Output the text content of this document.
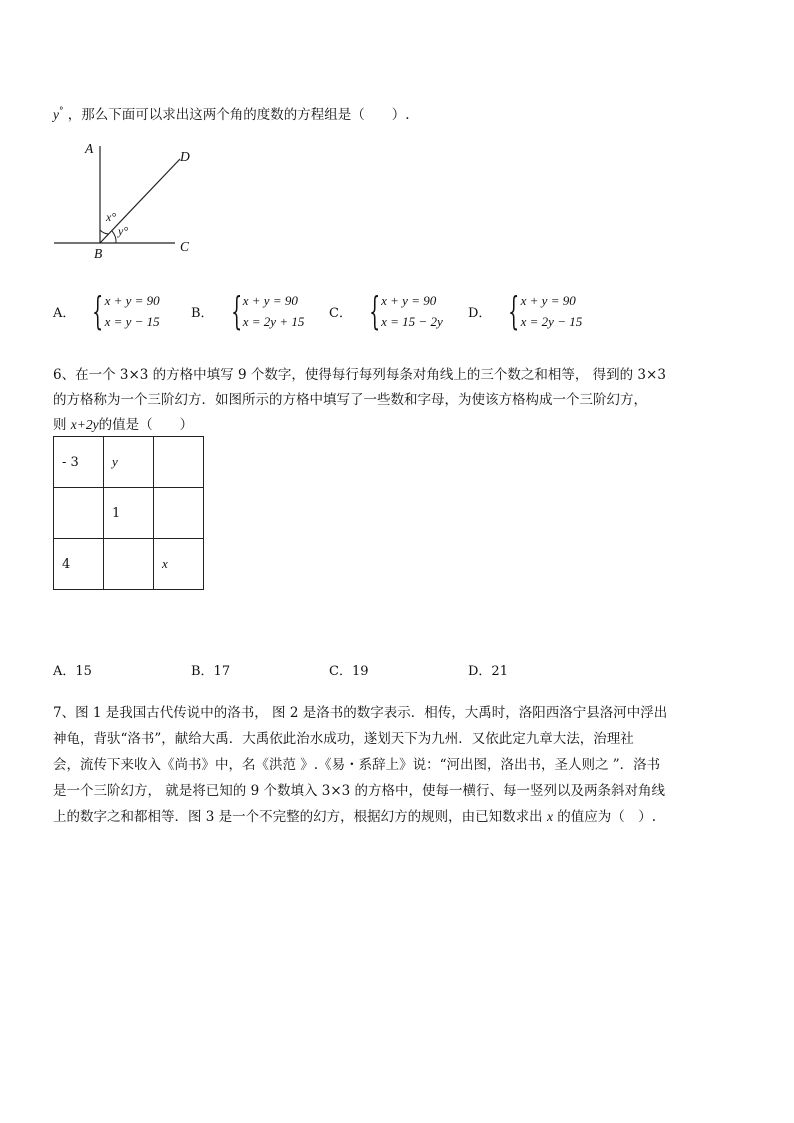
y° ，那么下面可以求出这两个角的度数的方程组是（　　）.
A
D
x°
y°
B	C
A． { x + y = 90
x = y − 15
B． { x + y = 90
x = 2y + 15
C． { x + y = 90
x = 15 − 2y
D． { x + y = 90
x = 2y − 15
6、在一个 3×3 的方格中填写 9 个数字，使得每行每列每条对角线上的三个数之和相等， 得到的 3×3
的方格称为一个三阶幻方．如图所示的方格中填写了一些数和字母，为使该方格构成一个三阶幻方，
则 x+2y的值是（　　）
- 3	y	
	1	
4		x
A．15	B．17	C．19	D．21
7、图 1 是我国古代传说中的洛书， 图 2 是洛书的数字表示．相传，大禹时，洛阳西洛宁县洛河中浮出
神龟，背驮“洛书”，献给大禹．大禹依此治水成功，遂划天下为九州．又依此定九章大法，治理社
会，流传下来收入《尚书》中，名《洪范 》.《易・系辞上》说：“河出图，洛出书，圣人则之 ”．洛书
是一个三阶幻方， 就是将已知的 9 个数填入 3×3 的方格中，使每一横行、每一竖列以及两条斜对角线
上的数字之和都相等．图 3 是一个不完整的幻方，根据幻方的规则，由已知数求出 x 的值应为（　）.
